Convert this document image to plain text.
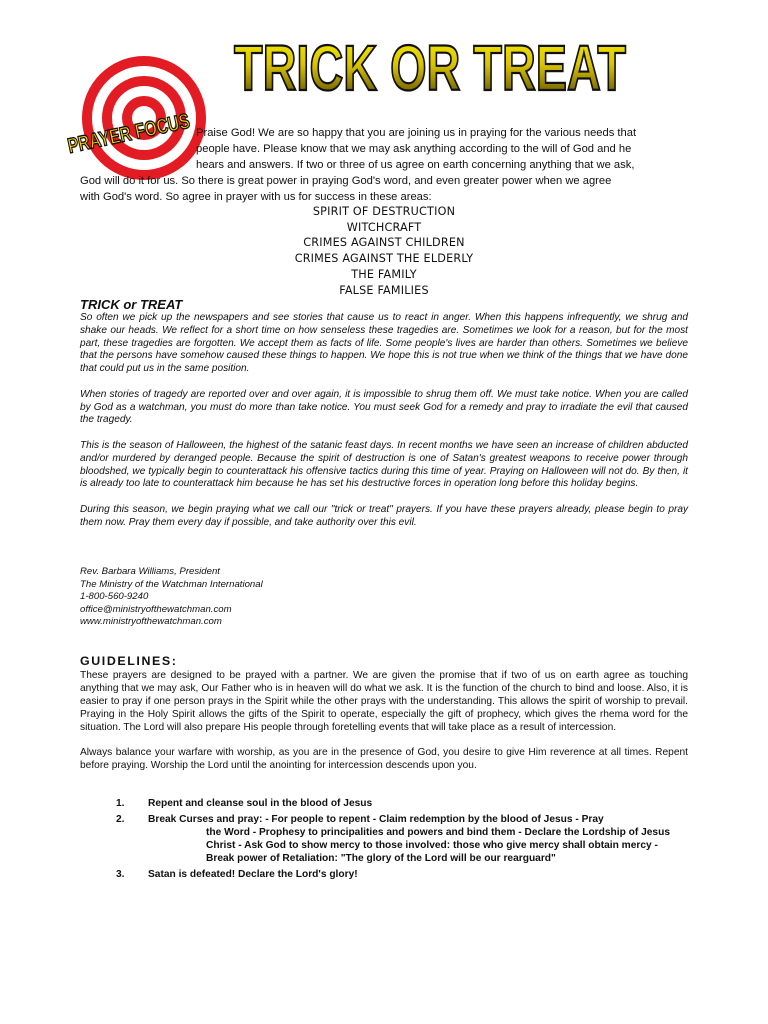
TRICK OR TREAT
PRAYER FOCUS
Praise God! We are so happy that you are joining us in praying for the various needs that
people have. Please know that we may ask anything according to the will of God and he
hears and answers. If two or three of us agree on earth concerning anything that we ask,
God will do it for us. So there is great power in praying God's word, and even greater power when we agree
with God's word. So agree in prayer with us for success in these areas:
SPIRIT OF DESTRUCTION
WITCHCRAFT
CRIMES AGAINST CHILDREN
CRIMES AGAINST THE ELDERLY
THE FAMILY
FALSE FAMILIES
TRICK or TREAT

So often we pick up the newspapers and see stories that cause us to react in anger. When this happens infrequently, we shrug and shake our heads. We reflect for a short time on how senseless these tragedies are. Sometimes we look for a reason, but for the most part, these tragedies are forgotten. We accept them as facts of life. Some people's lives are harder than others. Sometimes we believe that the persons have somehow caused these things to happen. We hope this is not true when we think of the things that we have done that could put us in the same position.

When stories of tragedy are reported over and over again, it is impossible to shrug them off. We must take notice. When you are called by God as a watchman, you must do more than take notice. You must seek God for a remedy and pray to irradiate the evil that caused the tragedy.

This is the season of Halloween, the highest of the satanic feast days. In recent months we have seen an increase of children abducted and/or murdered by deranged people. Because the spirit of destruction is one of Satan's greatest weapons to receive power through bloodshed, we typically begin to counterattack his offensive tactics during this time of year. Praying on Halloween will not do. By then, it is already too late to counterattack him because he has set his destructive forces in operation long before this holiday begins.

During this season, we begin praying what we call our "trick or treat" prayers. If you have these prayers already, please begin to pray them now. Pray them every day if possible, and take authority over this evil.

Rev. Barbara Williams, President
The Ministry of the Watchman International
1-800-560-9240
office@ministryofthewatchman.com
www.ministryofthewatchman.com
GUIDELINES:

These prayers are designed to be prayed with a partner. We are given the promise that if two of us on earth agree as touching anything that we may ask, Our Father who is in heaven will do what we ask. It is the function of the church to bind and loose. Also, it is easier to pray if one person prays in the Spirit while the other prays with the understanding. This allows the spirit of worship to prevail. Praying in the Holy Spirit allows the gifts of the Spirit to operate, especially the gift of prophecy, which gives the rhema word for the situation. The Lord will also prepare His people through foretelling events that will take place as a result of intercession.

Always balance your warfare with worship, as you are in the presence of God, you desire to give Him reverence at all times. Repent before praying. Worship the Lord until the anointing for intercession descends upon you.

1.	Repent and cleanse soul in the blood of Jesus
2.	Break Curses and pray: - For people to repent - Claim redemption by the blood of Jesus - Pray
the Word - Prophesy to principalities and powers and bind them - Declare the Lordship of Jesus Christ - Ask God to show mercy to those involved: those who give mercy shall obtain mercy - Break power of Retaliation: "The glory of the Lord will be our rearguard"
3.	Satan is defeated! Declare the Lord's glory!
